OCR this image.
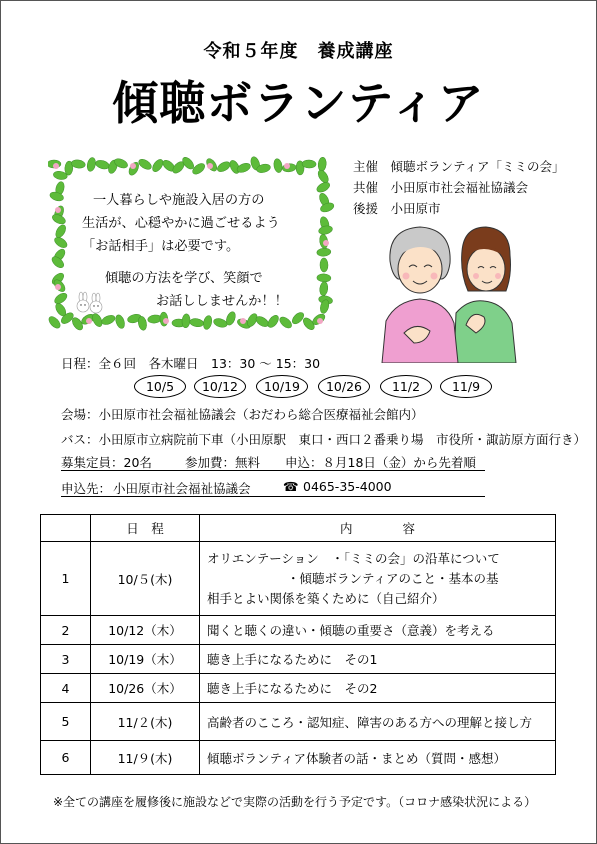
令和５年度　養成講座
傾聴ボランティア
一人暮らしや施設入居の方の
生活が、心穏やかに過ごせるよう
「お話相手」は必要です。
傾聴の方法を学び、笑顔で
お話ししませんか！！
主催　傾聴ボランティア「ミミの会」
共催　小田原市社会福祉協議会
後援　小田原市
日程：全６回　各木曜日　13：30 ～ 15：30
10/5	10/12	10/19	10/26	11/2	11/9
会場：小田原市社会福祉協議会（おだわら総合医療福祉会館内）
バス：小田原市立病院前下車（小田原駅　東口・西口２番乗り場　市役所・諏訪原方面行き）
募集定員：20名	参加費：無料 申込：８月18日（金）から先着順
申込先： 小田原市社会福祉協議会	☎ 0465-35-4000
	日　程	内　　　　容
1	10/５(木)	オリエンテーション　・「ミミの会」の沿革について
・傾聴ボランティアのこと・基本の基
相手とよい関係を築くために（自己紹介）

2	10/12（木）	聞くと聴くの違い・傾聴の重要さ（意義）を考える
3	10/19（木）	聴き上手になるために　その1
4	10/26（木）	聴き上手になるために　その2
5	11/２(木)	高齢者のこころ・認知症、障害のある方への理解と接し方
6	11/９(木)	傾聴ボランティア体験者の話・まとめ（質問・感想）
※全ての講座を履修後に施設などで実際の活動を行う予定です。（コロナ感染状況による）
